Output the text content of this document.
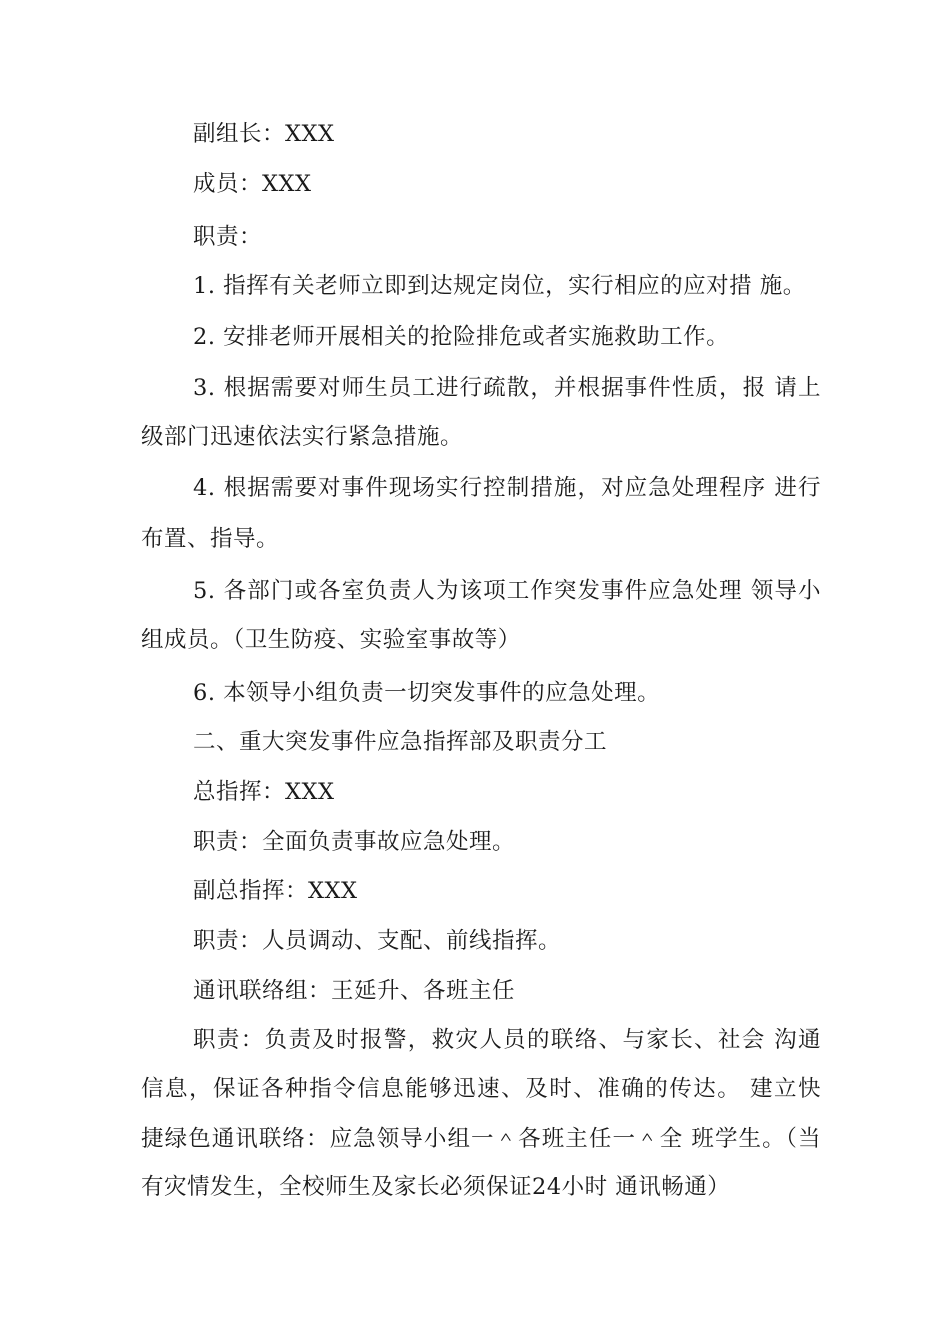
副组长：XXX
成员：XXX
职责：
1. 指挥有关老师立即到达规定岗位，实行相应的应对措 施。
2. 安排老师开展相关的抢险排危或者实施救助工作。
3. 根据需要对师生员工进行疏散，并根据事件性质，报 请上
级部门迅速依法实行紧急措施。
4. 根据需要对事件现场实行控制措施，对应急处理程序 进行
布置、指导。
5. 各部门或各室负责人为该项工作突发事件应急处理 领导小
组成员。（卫生防疫、实验室事故等）
6. 本领导小组负责一切突发事件的应急处理。
二、重大突发事件应急指挥部及职责分工
总指挥：XXX
职责：全面负责事故应急处理。
副总指挥：XXX
职责：人员调动、支配、前线指挥。
通讯联络组：王延升、各班主任
职责：负责及时报警，救灾人员的联络、与家长、社会 沟通
信息，保证各种指令信息能够迅速、及时、准确的传达。 建立快
捷绿色通讯联络：应急领导小组一＾各班主任一＾全 班学生。（当
有灾情发生，全校师生及家长必须保证24小时 通讯畅通）
